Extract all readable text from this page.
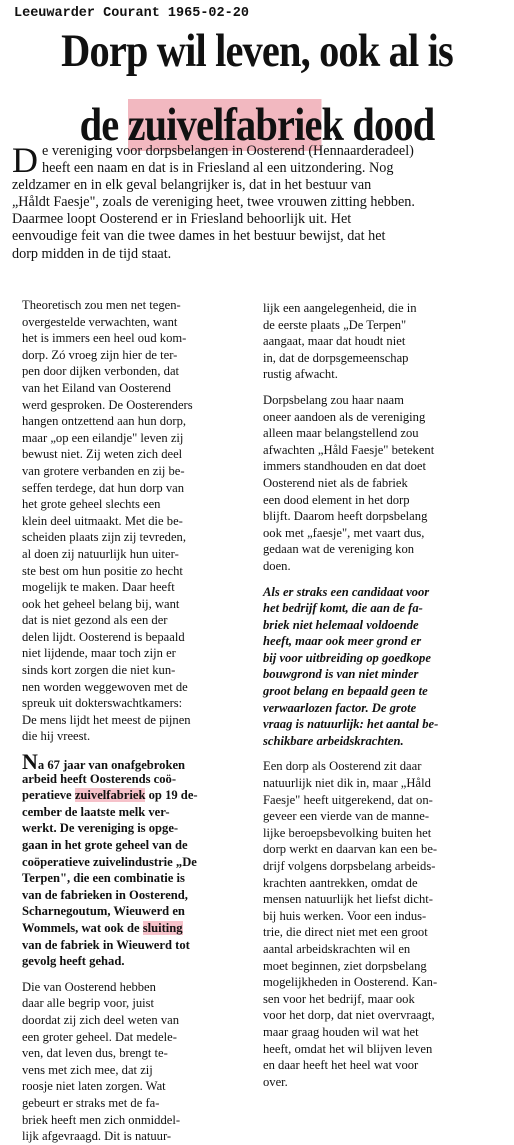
Leeuwarder Courant 1965-02-20
Dorp wil leven, ook al is
de zuivelfabriek dood
D e vereniging voor dorpsbelangen in Oosterend (Hennaarderadeel)
heeft een naam en dat is in Friesland al een uitzondering. Nog
zeldzamer en in elk geval belangrijker is, dat in het bestuur van
„Håldt Faesje", zoals de vereniging heet, twee vrouwen zitting hebben.
Daarmee loopt Oosterend er in Friesland behoorlijk uit. Het
eenvoudige feit van die twee dames in het bestuur bewijst, dat het
dorp midden in de tijd staat.
Theoretisch zou men net tegen-
overgestelde verwachten, want
het is immers een heel oud kom-
dorp. Zó vroeg zijn hier de ter-
pen door dijken verbonden, dat
van het Eiland van Oosterend
werd gesproken. De Oosterenders
hangen ontzettend aan hun dorp,
maar „op een eilandje" leven zij
bewust niet. Zij weten zich deel
van grotere verbanden en zij be-
seffen terdege, dat hun dorp van
het grote geheel slechts een
klein deel uitmaakt. Met die be-
scheiden plaats zijn zij tevreden,
al doen zij natuurlijk hun uiter-
ste best om hun positie zo hecht
mogelijk te maken. Daar heeft
ook het geheel belang bij, want
dat is niet gezond als een der
delen lijdt. Oosterend is bepaald
niet lijdende, maar toch zijn er
sinds kort zorgen die niet kun-
nen worden weggewoven met de
spreuk uit dokterswachtkamers:
De mens lijdt het meest de pijnen
die hij vreest.
Na 67 jaar van onafgebroken
arbeid heeft Oosterends coö-
peratieve zuivelfabriek op 19 de-
cember de laatste melk ver-
werkt. De vereniging is opge-
gaan in het grote geheel van de
coöperatieve zuivelindustrie „De
Terpen", die een combinatie is
van de fabrieken in Oosterend,
Scharnegoutum, Wieuwerd en
Wommels, wat ook de sluiting
van de fabriek in Wieuwerd tot
gevolg heeft gehad.
Die van Oosterend hebben
daar alle begrip voor, juist
doordat zij zich deel weten van
een groter geheel. Dat medele-
ven, dat leven dus, brengt te-
vens met zich mee, dat zij
roosje niet laten zorgen. Wat
gebeurt er straks met de fa-
briek heeft men zich onmiddel-
lijk afgevraagd. Dit is natuur-
lijk een aangelegenheid, die in
de eerste plaats „De Terpen"
aangaat, maar dat houdt niet
in, dat de dorpsgemeenschap
rustig afwacht.
Dorpsbelang zou haar naam
oneer aandoen als de vereniging
alleen maar belangstellend zou
afwachten „Håld Faesje" betekent
immers standhouden en dat doet
Oosterend niet als de fabriek
een dood element in het dorp
blijft. Daarom heeft dorpsbelang
ook met „faesje", met vaart dus,
gedaan wat de vereniging kon
doen.
Als er straks een candidaat voor
het bedrijf komt, die aan de fa-
briek niet helemaal voldoende
heeft, maar ook meer grond er
bij voor uitbreiding op goedkope
bouwgrond is van niet minder
groot belang en bepaald geen te
verwaarlozen factor. De grote
vraag is natuurlijk: het aantal be-
schikbare arbeidskrachten.
Een dorp als Oosterend zit daar
natuurlijk niet dik in, maar „Håld
Faesje" heeft uitgerekend, dat on-
geveer een vierde van de manne-
lijke beroepsbevolking buiten het
dorp werkt en daarvan kan een be-
drijf volgens dorpsbelang arbeids-
krachten aantrekken, omdat de
mensen natuurlijk het liefst dicht-
bij huis werken. Voor een indus-
trie, die direct niet met een groot
aantal arbeidskrachten wil en
moet beginnen, ziet dorpsbelang
mogelijkheden in Oosterend. Kan-
sen voor het bedrijf, maar ook
voor het dorp, dat niet overvraagt,
maar graag houden wil wat het
heeft, omdat het wil blijven leven
en daar heeft het heel wat voor
over.
